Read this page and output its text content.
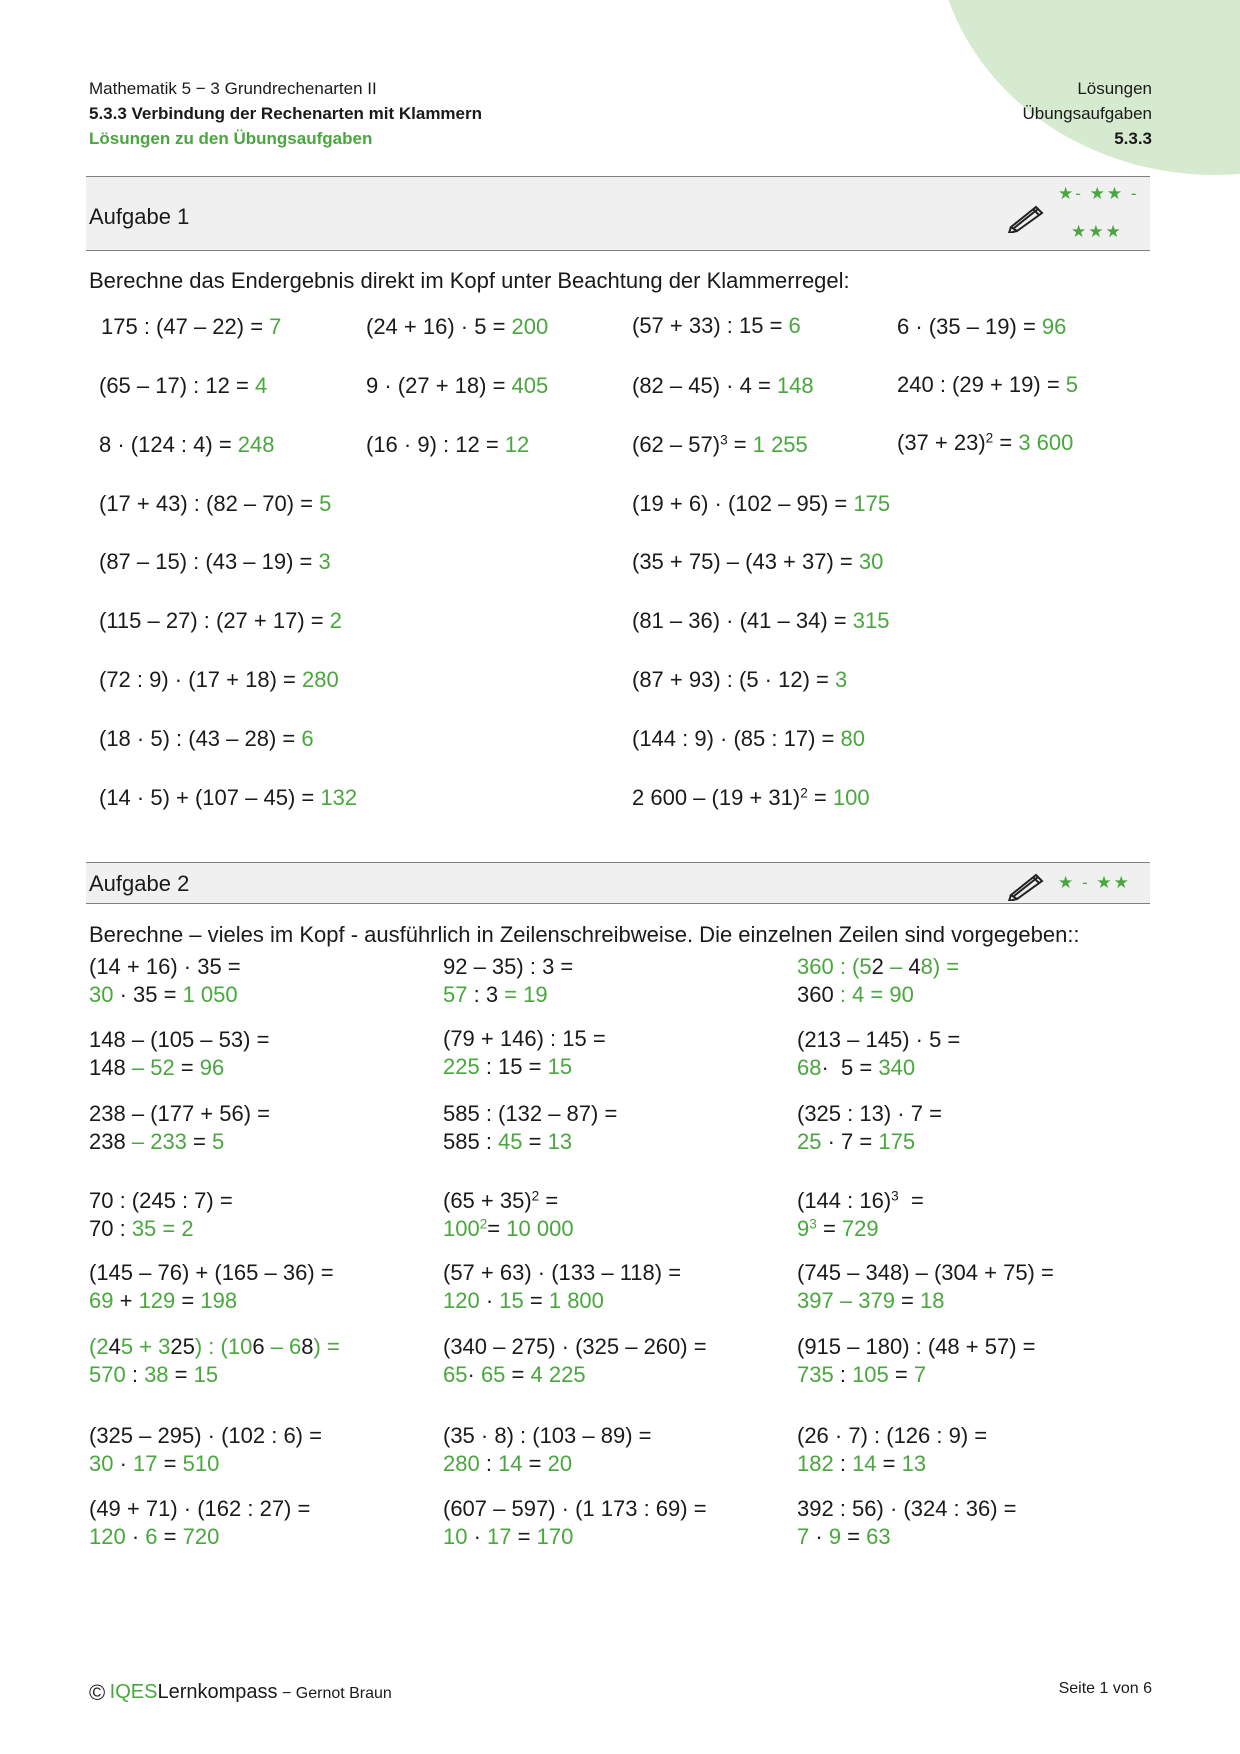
Mathematik 5 − 3 Grundrechenarten II
5.3.3 Verbindung der Rechenarten mit Klammern
Lösungen zu den Übungsaufgaben
Lösungen
Übungsaufgaben
5.3.3
Aufgabe 1
★- ★★ -
★★★
Berechne das Endergebnis direkt im Kopf unter Beachtung der Klammerregel:
175 : (47 – 22) = 7	(24 + 16) · 5 = 200	(57 + 33) : 15 = 6	6 · (35 – 19) = 96
(65 – 17) : 12 = 4	9 · (27 + 18) = 405	(82 – 45) · 4 = 148	240 : (29 + 19) = 5
8 · (124 : 4) = 248	(16 · 9) : 12 = 12	(62 – 57)$^3$ = 1 255	$(37 + 23)^2 = 3$ 600
(17 + 43) : (82 – 70) = 5	(19 + 6) · (102 – 95) = 175
(87 – 15) : (43 – 19) = 3	(35 + 75) – (43 + 37) = 30
(115 – 27) : (27 + 17) = 2	(81 – 36) · (41 – 34) = 315
(72 : 9) · (17 + 18) = 280	(87 + 93) : (5 · 12) = 3
(18 · 5) : (43 – 28) = 6	(144 : 9) · (85 : 17) = 80
(14 · 5) + (107 – 45) = 132	2 $600 - (19 + 31)^2 = 100$
Aufgabe 2	★ - ★★
Berechne – vieles im Kopf - ausführlich in Zeilenschreibweise. Die einzelnen Zeilen sind vorgegeben::
(14 + 16) · 35 =
30 · 35 = 1 050
92 – 35) : 3 =
57 : 3 = 19
360 : (52 – 48) =
360 : 4 = 90
148 – (105 – 53) =
148 – 52 = 96
(79 + 146) : 15 =
225 : 15 = 15
(213 – 145) · 5 =
68·  5 = 340
238 – (177 + 56) =
238 – 233 = 5
585 : (132 – 87) =
585 : 45 = 13
(325 : 13) · 7 =
25 · 7 = 175
70 : (245 : 7) =
70 : 35 = 2
$(65 + 35)^2$ =
$100^2= 10$ 000
(144 : 16)$^3$  =
$9^3 = 729$
(145 – 76) + (165 – 36) =
69 + 129 = 198
(57 + 63) · (133 – 118) =
120 · 15 = 1 800
(745 – 348) – (304 + 75) =
397 – 379 = 18
(245 + 325) : (106 – 68) =
570 : 38 = 15
(340 – 275) · (325 – 260) =
65· 65 = 4 225
(915 – 180) : (48 + 57) =
735 : 105 = 7
(325 – 295) · (102 : 6) =
30 · 17 = 510
(35 · 8) : (103 – 89) =
280 : 14 = 20
(26 · 7) : (126 : 9) =
182 : 14 = 13
(49 + 71) · (162 : 27) =
120 · 6 = 720
(607 – 597) · (1 173 : 69) =
10 · 17 = 170
392 : 56) · (324 : 36) =
7 · 9 = 63
© IQESLernkompass − Gernot Braun	Seite 1 von 6
